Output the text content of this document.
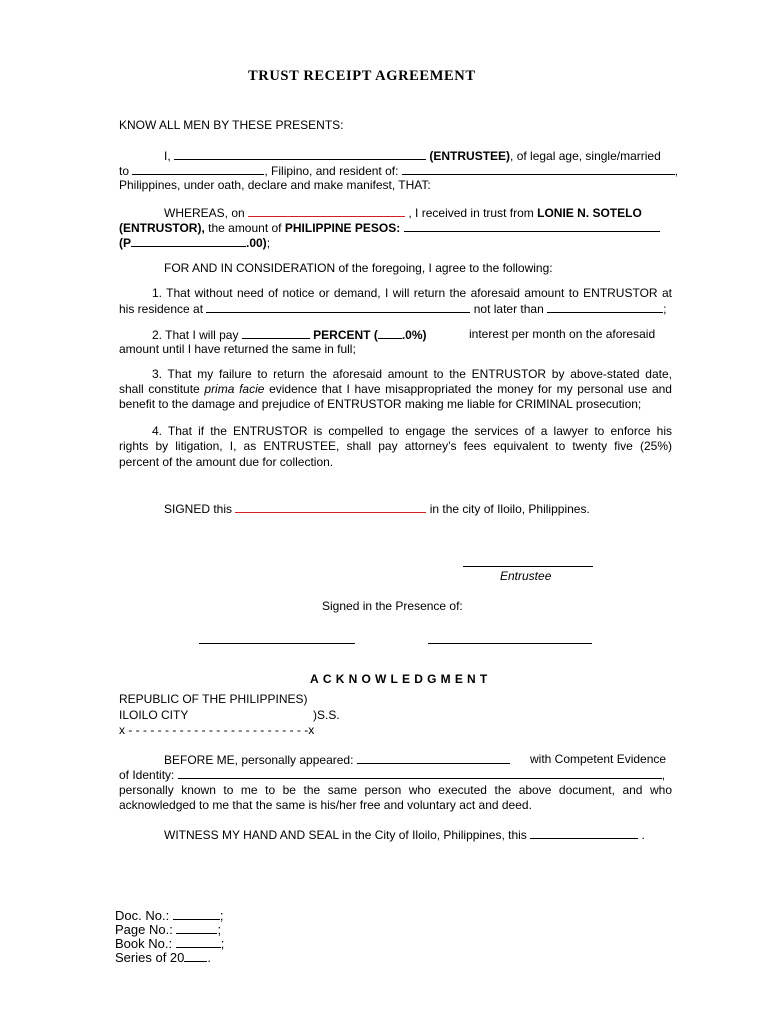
TRUST RECEIPT AGREEMENT
KNOW ALL MEN BY THESE PRESENTS:
I,	(ENTRUSTEE), of legal age, single/married
to	, Filipino, and resident of:	,
Philippines, under oath, declare and make manifest, THAT:
WHEREAS, on	, I received in trust from LONIE N. SOTELO
(ENTRUSTOR), the amount of PHILIPPINE PESOS:
(P	.00);
FOR AND IN CONSIDERATION of the foregoing, I agree to the following:
1. That without need of notice or demand, I will return the aforesaid amount to ENTRUSTOR at
his residence at	not later than	;
2. That I will pay	PERCENT ( .0%)	interest per month on the aforesaid
amount until I have returned the same in full;
3. That my failure to return the aforesaid amount to the ENTRUSTOR by above-stated date,
shall constitute prima facie evidence that I have misappropriated the money for my personal use and
benefit to the damage and prejudice of ENTRUSTOR making me liable for CRIMINAL prosecution;
4. That if the ENTRUSTOR is compelled to engage the services of a lawyer to enforce his
rights by litigation, I, as ENTRUSTEE, shall pay attorney’s fees equivalent to twenty five (25%)
percent of the amount due for collection.
SIGNED this	in the city of Iloilo, Philippines.
Entrustee
Signed in the Presence of:
ACKNOWLEDGMENT
REPUBLIC OF THE PHILIPPINES)
ILOILO CITY	)S.S.
x - - - - - - - - - - - - - - - - - - - - - - - - -x
BEFORE ME, personally appeared:	with Competent Evidence
of Identity:	,
personally known to me to be the same person who executed the above document, and who
acknowledged to me that the same is his/her free and voluntary act and deed.
WITNESS MY HAND AND SEAL in the City of Iloilo, Philippines, this	.
Doc. No.:	;
Page No.:	;
Book No.:	;
Series of 20 .
